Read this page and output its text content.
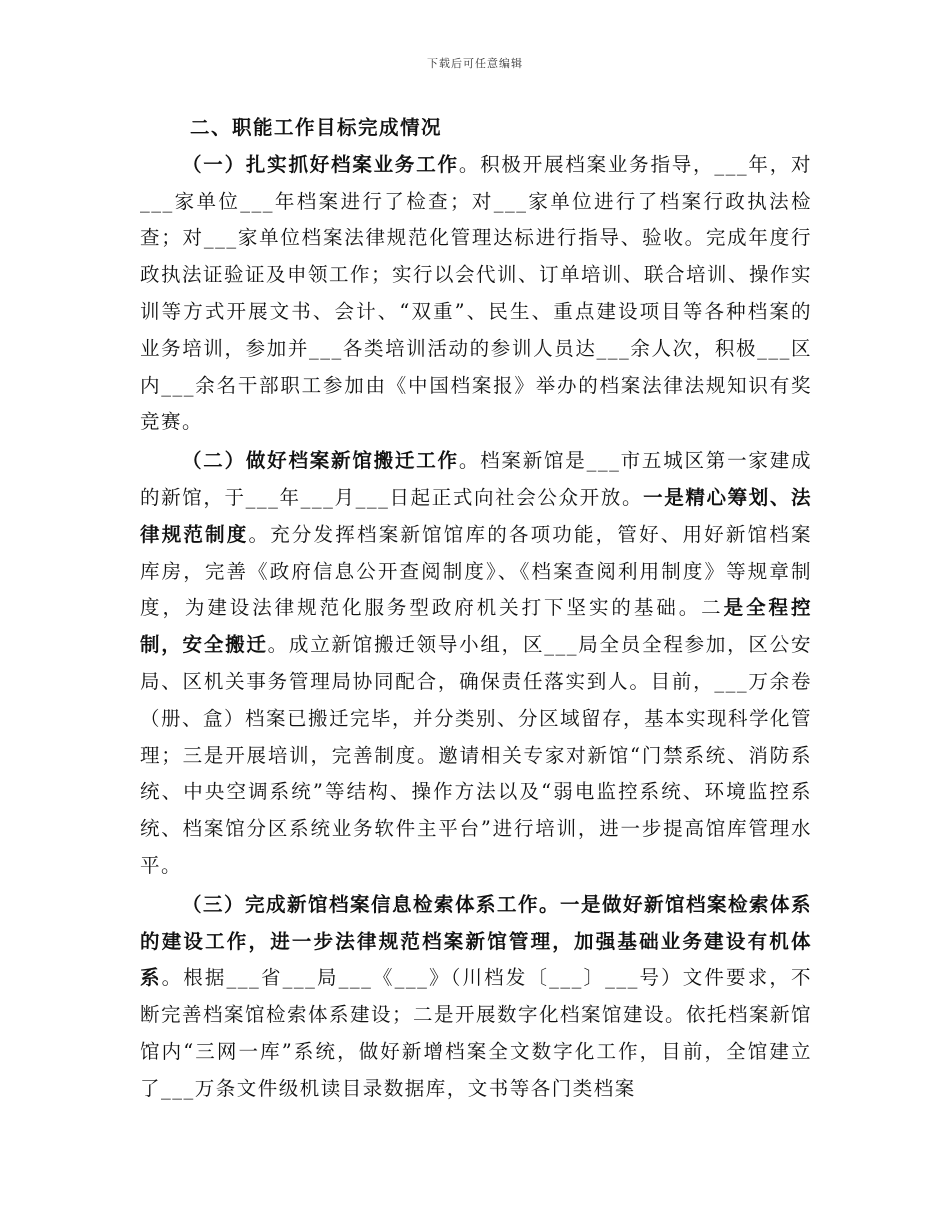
下载后可任意编辑
二、职能工作目标完成情况

（一）扎实抓好档案业务工作。积极开展档案业务指导，___年，对___家单位___年档案进行了检查；对___家单位进行了档案行政执法检查；对___家单位档案法律规范化管理达标进行指导、验收。完成年度行政执法证验证及申领工作；实行以会代训、订单培训、联合培训、操作实训等方式开展文书、会计、“双重”、民生、重点建设项目等各种档案的业务培训，参加并___各类培训活动的参训人员达___余人次，积极___区内___余名干部职工参加由《中国档案报》举办的档案法律法规知识有奖竞赛。

（二）做好档案新馆搬迁工作。档案新馆是___市五城区第一家建成的新馆，于___年___月___日起正式向社会公众开放。一是精心筹划、法律规范制度。充分发挥档案新馆馆库的各项功能，管好、用好新馆档案库房，完善《政府信息公开查阅制度》、《档案查阅利用制度》等规章制度，为建设法律规范化服务型政府机关打下坚实的基础。二是全程控制，安全搬迁。成立新馆搬迁领导小组，区___局全员全程参加，区公安局、区机关事务管理局协同配合，确保责任落实到人。目前，___万余卷（册、盒）档案已搬迁完毕，并分类别、分区域留存，基本实现科学化管理；三是开展培训，完善制度。邀请相关专家对新馆“门禁系统、消防系统、中央空调系统”等结构、操作方法以及“弱电监控系统、环境监控系统、档案馆分区系统业务软件主平台”进行培训，进一步提高馆库管理水平。

（三）完成新馆档案信息检索体系工作。一是做好新馆档案检索体系的建设工作，进一步法律规范档案新馆管理，加强基础业务建设有机体系。根据___省___局___《___》（川档发〔___〕___号）文件要求，不断完善档案馆检索体系建设；二是开展数字化档案馆建设。依托档案新馆馆内“三网一库”系统，做好新增档案全文数字化工作，目前，全馆建立了___万条文件级机读目录数据库，文书等各门类档案
